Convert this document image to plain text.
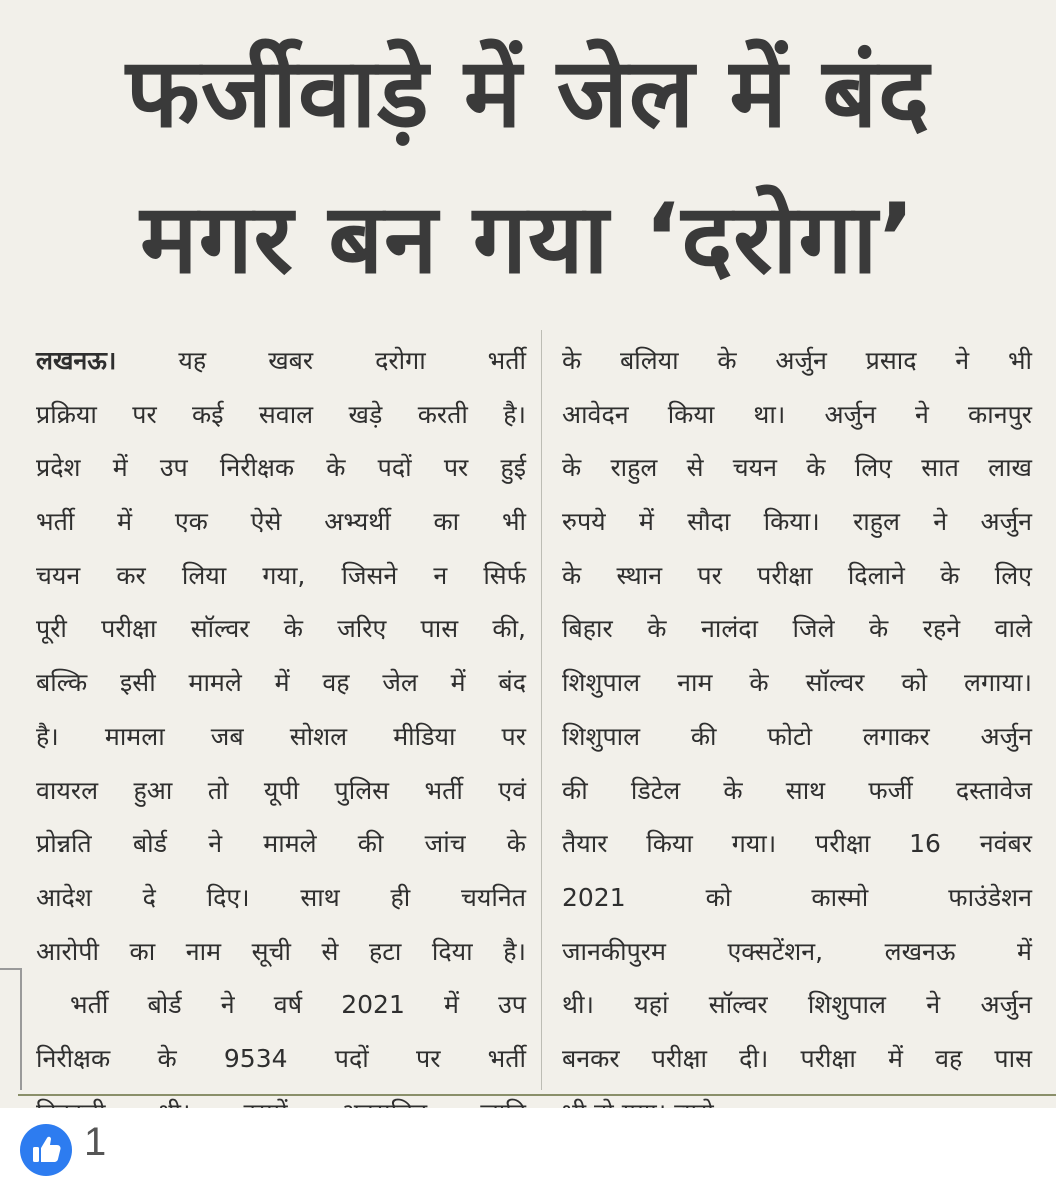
फर्जीवाड़े में जेल में बंद
मगर बन गया ‘दरोगा’
लखनऊ। यह खबर दरोगा भर्ती
प्रक्रिया पर कई सवाल खड़े करती है।
प्रदेश में उप निरीक्षक के पदों पर हुई
भर्ती में एक ऐसे अभ्यर्थी का भी
चयन कर लिया गया, जिसने न सिर्फ
पूरी परीक्षा सॉल्वर के जरिए पास की,
बल्कि इसी मामले में वह जेल में बंद
है। मामला जब सोशल मीडिया पर
वायरल हुआ तो यूपी पुलिस भर्ती एवं
प्रोन्नति बोर्ड ने मामले की जांच के
आदेश दे दिए। साथ ही चयनित
आरोपी का नाम सूची से हटा दिया है।
भर्ती बोर्ड ने वर्ष 2021 में उप
निरीक्षक के 9534 पदों पर भर्ती
के बलिया के अर्जुन प्रसाद ने भी
आवेदन किया था। अर्जुन ने कानपुर
के राहुल से चयन के लिए सात लाख
रुपये में सौदा किया। राहुल ने अर्जुन
के स्थान पर परीक्षा दिलाने के लिए
बिहार के नालंदा जिले के रहने वाले
शिशुपाल नाम के सॉल्वर को लगाया।
शिशुपाल की फोटो लगाकर अर्जुन
की डिटेल के साथ फर्जी दस्तावेज
तैयार किया गया। परीक्षा 16 नवंबर
2021 को कास्मो फाउंडेशन
जानकीपुरम एक्सटेंशन, लखनऊ में
थी। यहां सॉल्वर शिशुपाल ने अर्जुन
बनकर परीक्षा दी। परीक्षा में वह पास
1
